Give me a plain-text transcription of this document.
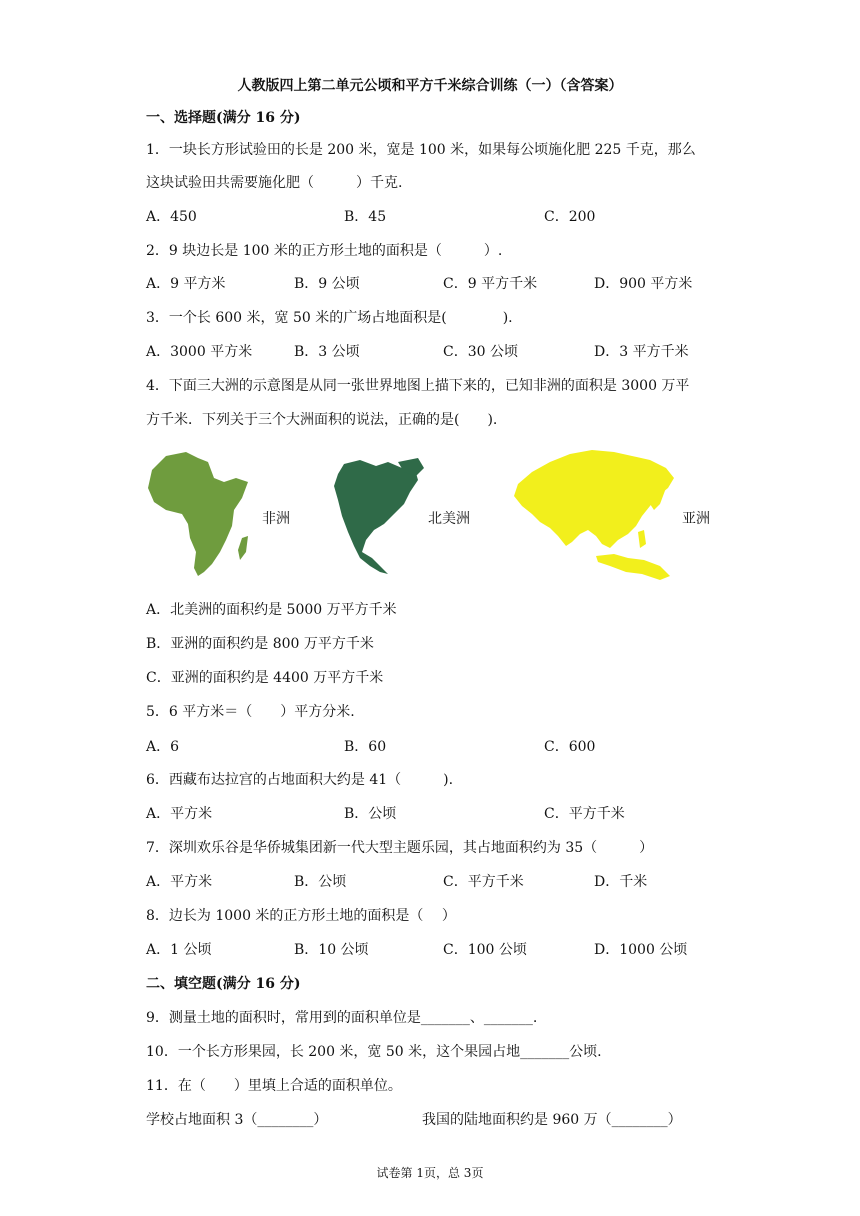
人教版四上第二单元公顷和平方千米综合训练（一）（含答案）
一、选择题(满分 16 分)
1．一块长方形试验田的长是 200 米，宽是 100 米，如果每公顷施化肥 225 千克，那么
这块试验田共需要施化肥（　　　）千克.
A．450	B．45	C．200
2．9 块边长是 100 米的正方形土地的面积是（　　　）.
A．9 平方米	B．9 公顷	C．9 平方千米	D．900 平方米
3．一个长 600 米，宽 50 米的广场占地面积是(　　　　).
A．3000 平方米	B．3 公顷	C．30 公顷	D．3 平方千米
4．下面三大洲的示意图是从同一张世界地图上描下来的，已知非洲的面积是 3000 万平
方千米．下列关于三个大洲面积的说法，正确的是(　　).
非洲	北美洲	亚洲
A．北美洲的面积约是 5000 万平方千米
B．亚洲的面积约是 800 万平方千米
C．亚洲的面积约是 4400 万平方千米
5．6 平方米＝（　　）平方分米.
A．6	B．60	C．600
6．西藏布达拉宫的占地面积大约是 41（　　　).
A．平方米	B．公顷	C．平方千米
7．深圳欢乐谷是华侨城集团新一代大型主题乐园，其占地面积约为 35（　　　）
A．平方米	B．公顷	C．平方千米	D．千米
8．边长为 1000 米的正方形土地的面积是（　 ）
A．1 公顷	B．10 公顷	C．100 公顷	D．1000 公顷
二、填空题(满分 16 分)
9．测量土地的面积时，常用到的面积单位是_______、_______.
10．一个长方形果园，长 200 米，宽 50 米，这个果园占地_______公顷.
11．在（　　）里填上合适的面积单位。
学校占地面积 3（________）	我国的陆地面积约是 960 万（________）
试卷第 1页，总 3页
